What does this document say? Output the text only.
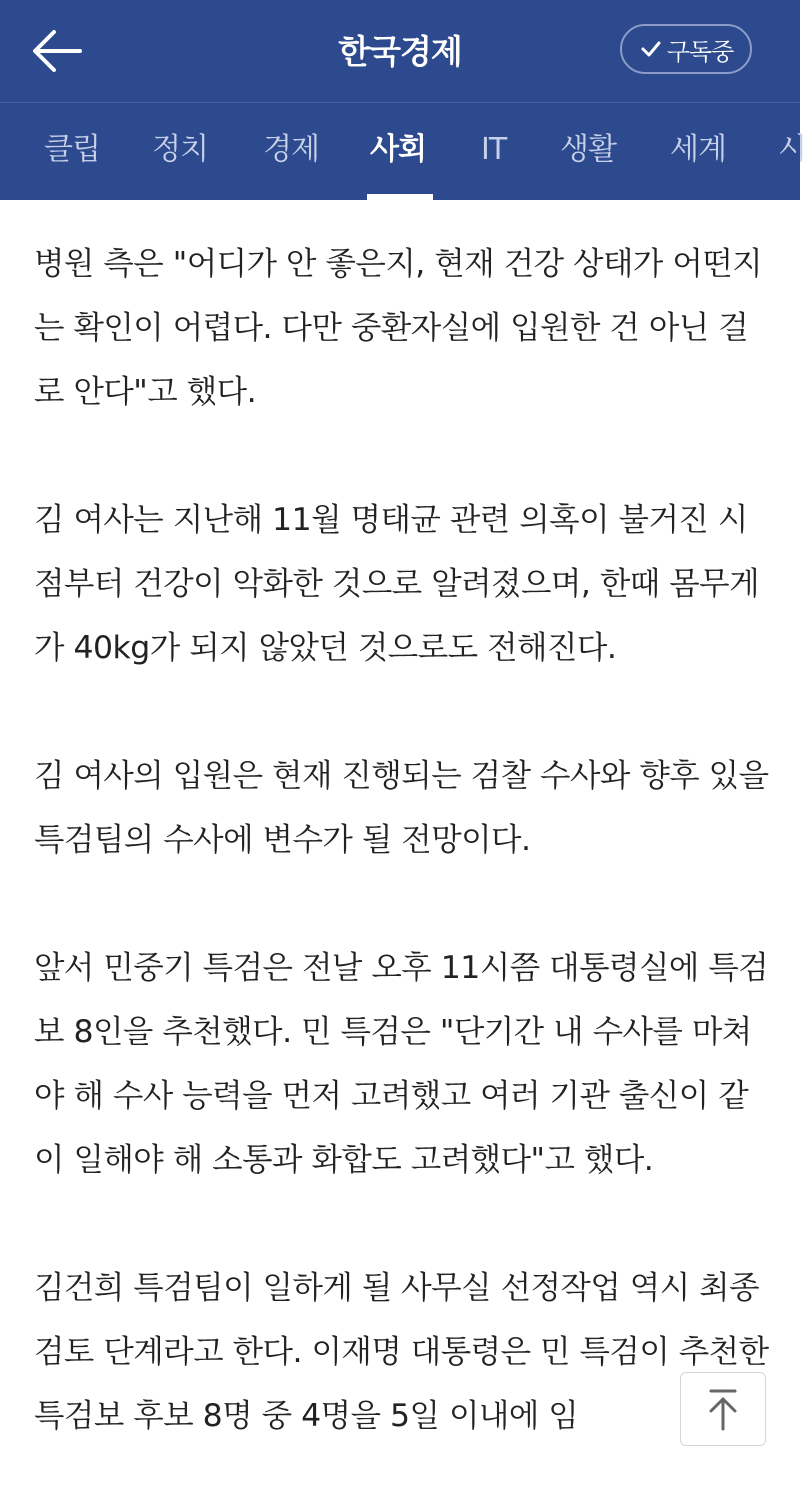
한국경제	구독중
클립 정치 경제 사회 IT 생활 세계 시

병원 측은 "어디가 안 좋은지, 현재 건강 상태가 어떤지는 확인이 어렵다. 다만 중환자실에 입원한 건 아닌 걸로 안다"고 했다.

김 여사는 지난해 11월 명태균 관련 의혹이 불거진 시점부터 건강이 악화한 것으로 알려졌으며, 한때 몸무게가 40kg가 되지 않았던 것으로도 전해진다.

김 여사의 입원은 현재 진행되는 검찰 수사와 향후 있을 특검팀의 수사에 변수가 될 전망이다.

앞서 민중기 특검은 전날 오후 11시쯤 대통령실에 특검보 8인을 추천했다. 민 특검은 "단기간 내 수사를 마쳐야 해 수사 능력을 먼저 고려했고 여러 기관 출신이 같이 일해야 해 소통과 화합도 고려했다"고 했다.

김건희 특검팀이 일하게 될 사무실 선정작업 역시 최종 검토 단계라고 한다. 이재명 대통령은 민 특검이 추천한 특검보 후보 8명 중 4명을 5일 이내에 임
